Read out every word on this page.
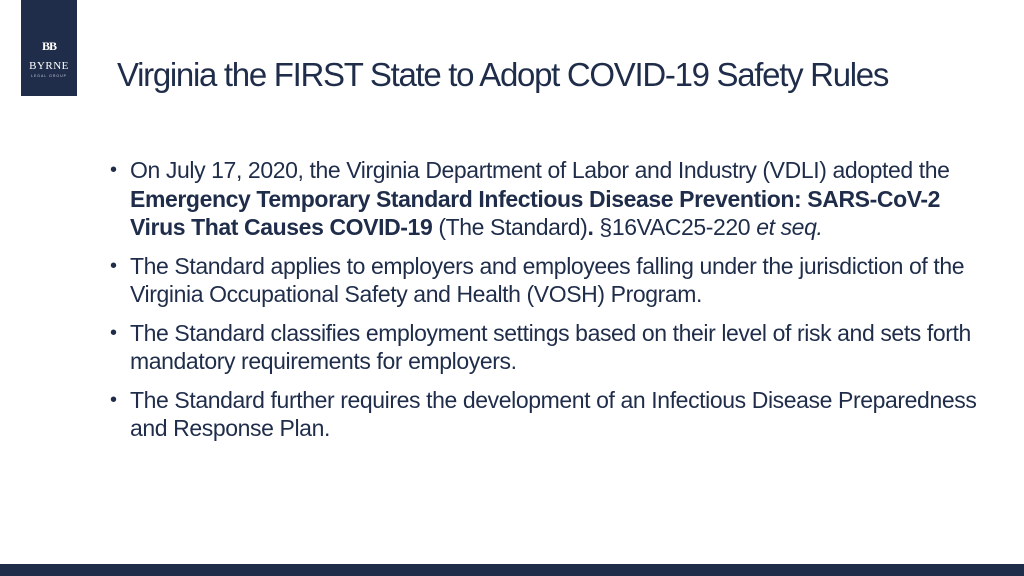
BB
BYRNE
LEGAL GROUP	Virginia the FIRST State to Adopt COVID-19 Safety Rules
• On July 17, 2020, the Virginia Department of Labor and Industry (VDLI) adopted the Emergency Temporary Standard Infectious Disease Prevention: SARS-CoV-2 Virus That Causes COVID-19 (The Standard). §16VAC25-220 et seq.
• The Standard applies to employers and employees falling under the jurisdiction of the Virginia Occupational Safety and Health (VOSH) Program.
• The Standard classifies employment settings based on their level of risk and sets forth mandatory requirements for employers.
• The Standard further requires the development of an Infectious Disease Preparedness and Response Plan.
